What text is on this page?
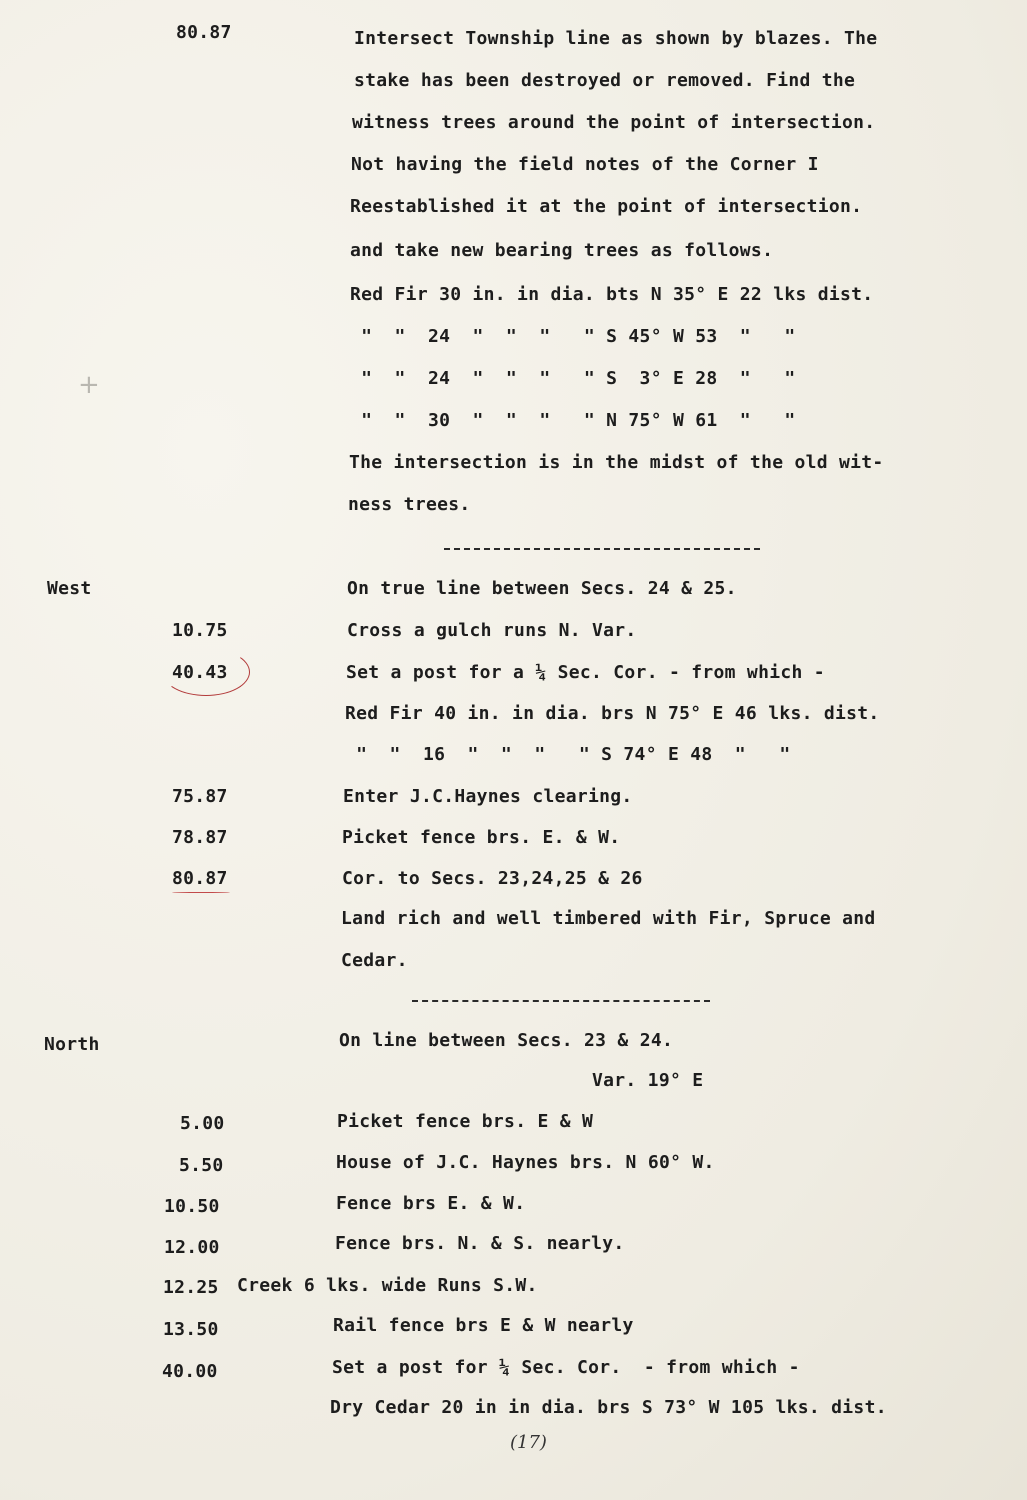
80.87	Intersect Township line as shown by blazes. The
stake has been destroyed or removed. Find the
witness trees around the point of intersection.
Not having the field notes of the Corner I
Reestablished it at the point of intersection.
and take new bearing trees as follows.
Red Fir 30 in. in dia. bts N 35° E 22 lks dist.
"  "  24  "  "  "   " S 45° W 53  "   "
"  "  24  "  "  "   " S  3° E 28  "   "
"  "  30  "  "  "   " N 75° W 61  "   "
The intersection is in the midst of the old wit-
ness trees.
West	On true line between Secs. 24 & 25.
10.75	Cross a gulch runs N. Var.
40.43	Set a post for a ¼ Sec. Cor. - from which -
Red Fir 40 in. in dia. brs N 75° E 46 lks. dist.
"  "  16  "  "  "   " S 74° E 48  "   "
75.87	Enter J.C.Haynes clearing.
78.87	Picket fence brs. E. & W.
80.87	Cor. to Secs. 23,24,25 & 26
Land rich and well timbered with Fir, Spruce and
Cedar.
North	On line between Secs. 23 & 24.
Var. 19° E
5.00	Picket fence brs. E & W
5.50	House of J.C. Haynes brs. N 60° W.
10.50	Fence brs E. & W.
12.00	Fence brs. N. & S. nearly.
12.25 Creek 6 lks. wide Runs S.W.
13.50	Rail fence brs E & W nearly
40.00	Set a post for ¼ Sec. Cor.  - from which -
Dry Cedar 20 in in dia. brs S 73° W 105 lks. dist.
(17)
+
